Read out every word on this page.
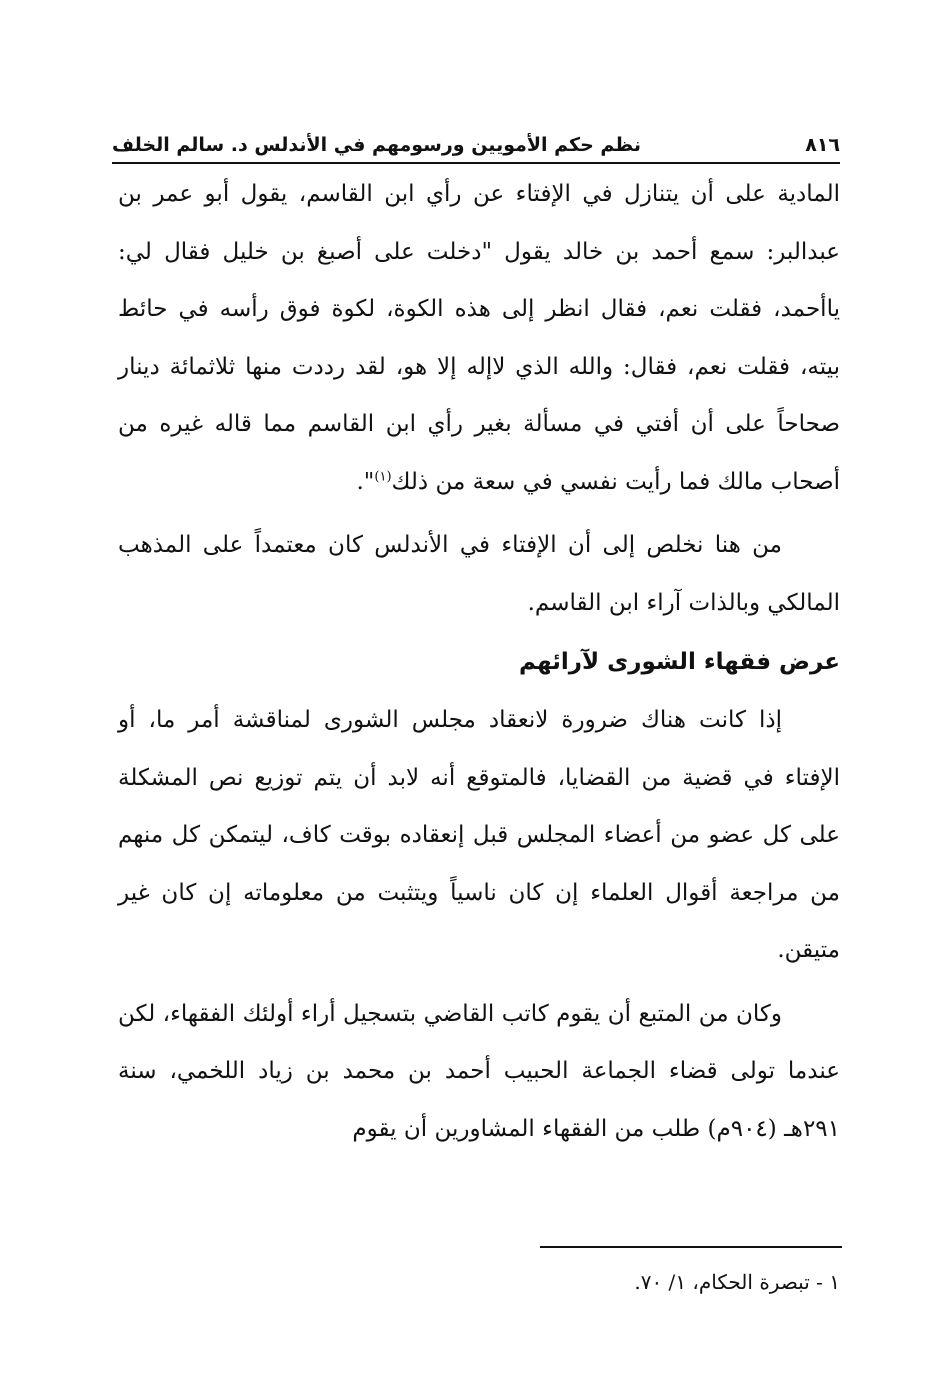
٨١٦
نظم حكم الأمويين ورسومهم في الأندلس د. سالم الخلف

المادية على أن يتنازل في الإفتاء عن رأي ابن القاسم، يقول أبو عمر بن عبدالبر: سمع أحمد بن خالد يقول "دخلت على أصبغ بن خليل فقال لي: ياأحمد، فقلت نعم، فقال انظر إلى هذه الكوة، لكوة فوق رأسه في حائط بيته، فقلت نعم، فقال: والله الذي لاإله إلا هو، لقد رددت منها ثلاثمائة دينار صحاحاً على أن أفتي في مسألة بغير رأي ابن القاسم مما قاله غيره من أصحاب مالك فما رأيت نفسي في سعة من ذلك$^{(١)}$".

من هنا نخلص إلى أن الإفتاء في الأندلس كان معتمداً على المذهب المالكي وبالذات آراء ابن القاسم.

عرض فقهاء الشورى لآرائهم

إذا كانت هناك ضرورة لانعقاد مجلس الشورى لمناقشة أمر ما، أو الإفتاء في قضية من القضايا، فالمتوقع أنه لابد أن يتم توزيع نص المشكلة على كل عضو من أعضاء المجلس قبل إنعقاده بوقت كاف، ليتمكن كل منهم من مراجعة أقوال العلماء إن كان ناسياً ويتثبت من معلوماته إن كان غير متيقن.

وكان من المتبع أن يقوم كاتب القاضي بتسجيل أراء أولئك الفقهاء، لكن عندما تولى قضاء الجماعة الحبيب أحمد بن محمد بن زياد اللخمي، سنة ٢٩١هـ (٩٠٤م) طلب من الفقهاء المشاورين أن يقوم

١ - تبصرة الحكام، ١/ ٧٠.
